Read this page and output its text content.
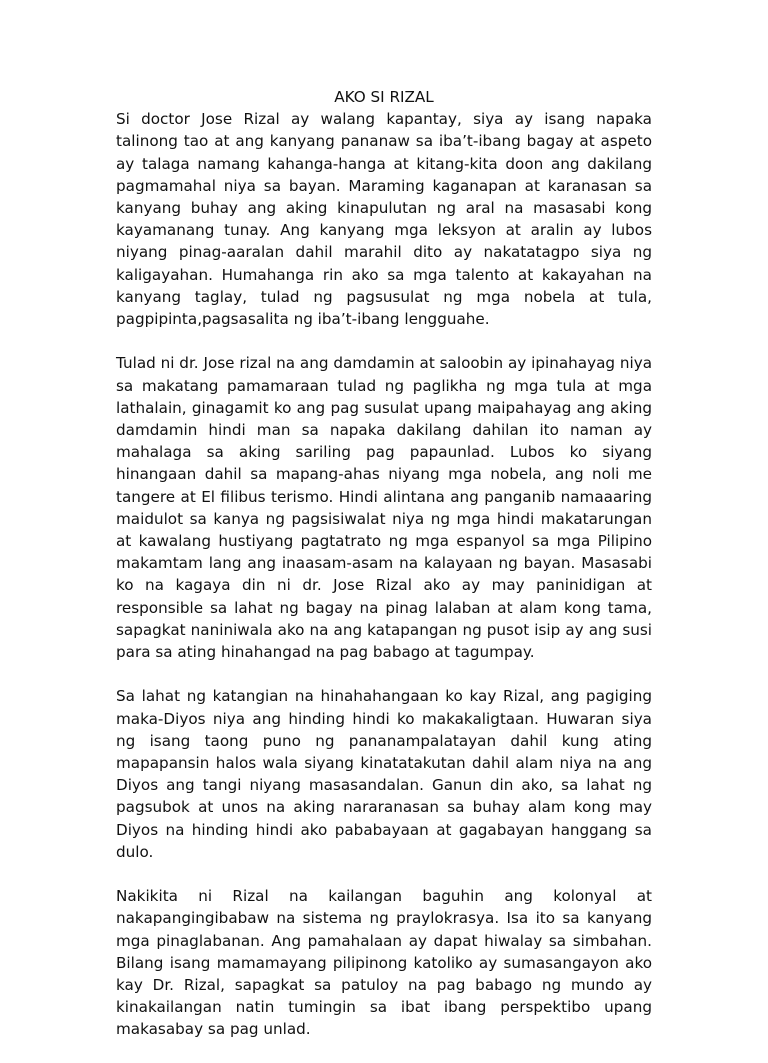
AKO SI RIZAL

Si doctor Jose Rizal ay walang kapantay, siya ay isang napaka talinong tao at ang kanyang pananaw sa iba’t-ibang bagay at aspeto ay talaga namang kahanga-hanga at kitang-kita doon ang dakilang pagmamahal niya sa bayan. Maraming kaganapan at karanasan sa kanyang buhay ang aking kinapulutan ng aral na masasabi kong kayamanang tunay. Ang kanyang mga leksyon at aralin ay lubos niyang pinag-aaralan dahil marahil dito ay nakatatagpo siya ng kaligayahan. Humahanga rin ako sa mga talento at kakayahan na kanyang taglay, tulad ng pagsusulat ng mga nobela at tula, pagpipinta,pagsasalita ng iba’t-ibang lengguahe.

Tulad ni dr. Jose rizal na ang damdamin at saloobin ay ipinahayag niya sa makatang pamamaraan tulad ng paglikha ng mga tula at mga lathalain, ginagamit ko ang pag susulat upang maipahayag ang aking damdamin hindi man sa napaka dakilang dahilan ito naman ay mahalaga sa aking sariling pag papaunlad. Lubos ko siyang hinangaan dahil sa mapang-ahas niyang mga nobela, ang noli me tangere at El filibus terismo. Hindi alintana ang panganib namaaaring maidulot sa kanya ng pagsisiwalat niya ng mga hindi makatarungan at kawalang hustiyang pagtatrato ng mga espanyol sa mga Pilipino makamtam lang ang inaasam-asam na kalayaan ng bayan. Masasabi ko na kagaya din ni dr. Jose Rizal ako ay may paninidigan at responsible sa lahat ng bagay na pinag lalaban at alam kong tama, sapagkat naniniwala ako na ang katapangan ng pusot isip ay ang susi para sa ating hinahangad na pag babago at tagumpay.

Sa lahat ng katangian na hinahahangaan ko kay Rizal, ang pagiging maka-Diyos niya ang hinding hindi ko makakaligtaan. Huwaran siya ng isang taong puno ng pananampalatayan dahil kung ating mapapansin halos wala siyang kinatatakutan dahil alam niya na ang Diyos ang tangi niyang masasandalan. Ganun din ako, sa lahat ng pagsubok at unos na aking nararanasan sa buhay alam kong may Diyos na hinding hindi ako pababayaan at gagabayan hanggang sa dulo.

Nakikita ni Rizal na kailangan baguhin ang kolonyal at nakapangingibabaw na sistema ng praylokrasya. Isa ito sa kanyang mga pinaglabanan. Ang pamahalaan ay dapat hiwalay sa simbahan. Bilang isang mamamayang pilipinong katoliko ay sumasangayon ako kay Dr. Rizal, sapagkat sa patuloy na pag babago ng mundo ay kinakailangan natin tumingin sa ibat ibang perspektibo upang makasabay sa pag unlad.
